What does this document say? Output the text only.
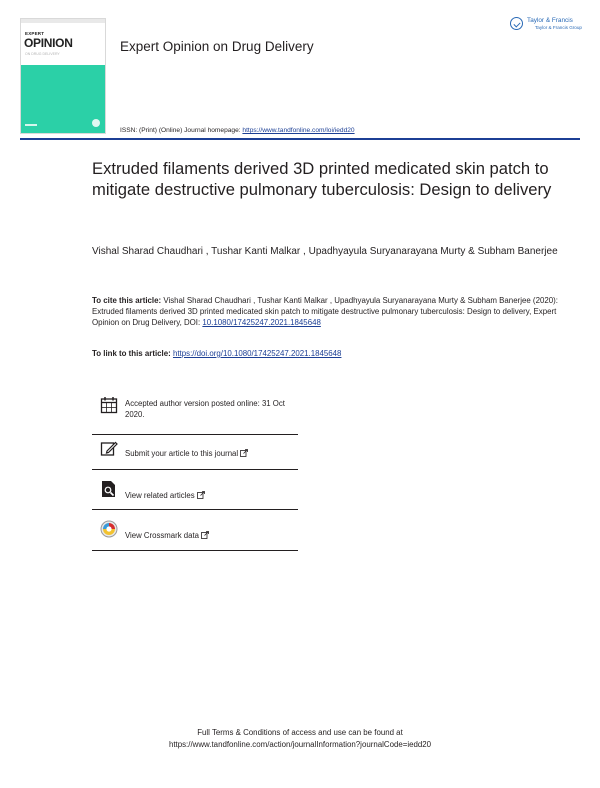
EXPERT
OPINION
ON DRUG DELIVERY	Expert Opinion on Drug Delivery
ISSN: (Print) (Online) Journal homepage: https://www.tandfonline.com/loi/iedd20
Taylor & Francis
Taylor & Francis Group
Extruded filaments derived 3D printed medicated skin patch to mitigate destructive pulmonary tuberculosis: Design to delivery
Vishal Sharad Chaudhari , Tushar Kanti Malkar , Upadhyayula Suryanarayana Murty & Subham Banerjee
To cite this article: Vishal Sharad Chaudhari , Tushar Kanti Malkar , Upadhyayula Suryanarayana Murty & Subham Banerjee (2020): Extruded filaments derived 3D printed medicated skin patch to mitigate destructive pulmonary tuberculosis: Design to delivery, Expert Opinion on Drug Delivery, DOI: 10.1080/17425247.2021.1845648
To link to this article: https://doi.org/10.1080/17425247.2021.1845648
Accepted author version posted online: 31 Oct 2020.
Submit your article to this journal
View related articles
View Crossmark data
Full Terms & Conditions of access and use can be found at
https://www.tandfonline.com/action/journalInformation?journalCode=iedd20
